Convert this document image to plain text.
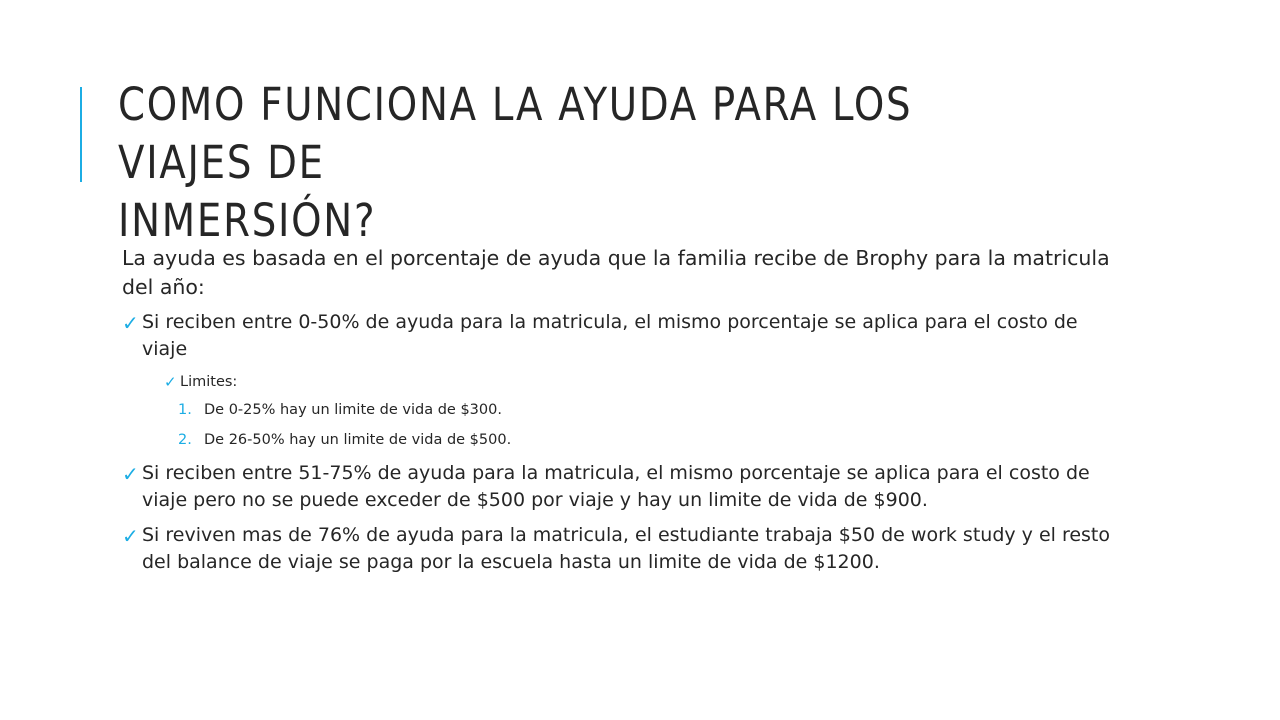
COMO FUNCIONA LA AYUDA PARA LOS VIAJES DE
INMERSIÓN?

La ayuda es basada en el porcentaje de ayuda que la familia recibe de Brophy para la matricula del año:

✓ Si reciben entre 0-50% de ayuda para la matricula, el mismo porcentaje se aplica para el costo de viaje
✓ Limites:
1. De 0-25% hay un limite de vida de $300.
2. De 26-50% hay un limite de vida de $500.
✓ Si reciben entre 51-75% de ayuda para la matricula, el mismo porcentaje se aplica para el costo de viaje pero no se puede exceder de $500 por viaje y hay un limite de vida de $900.
✓ Si reviven mas de 76% de ayuda para la matricula, el estudiante trabaja $50 de work study y el resto del balance de viaje se paga por la escuela hasta un limite de vida de $1200.
